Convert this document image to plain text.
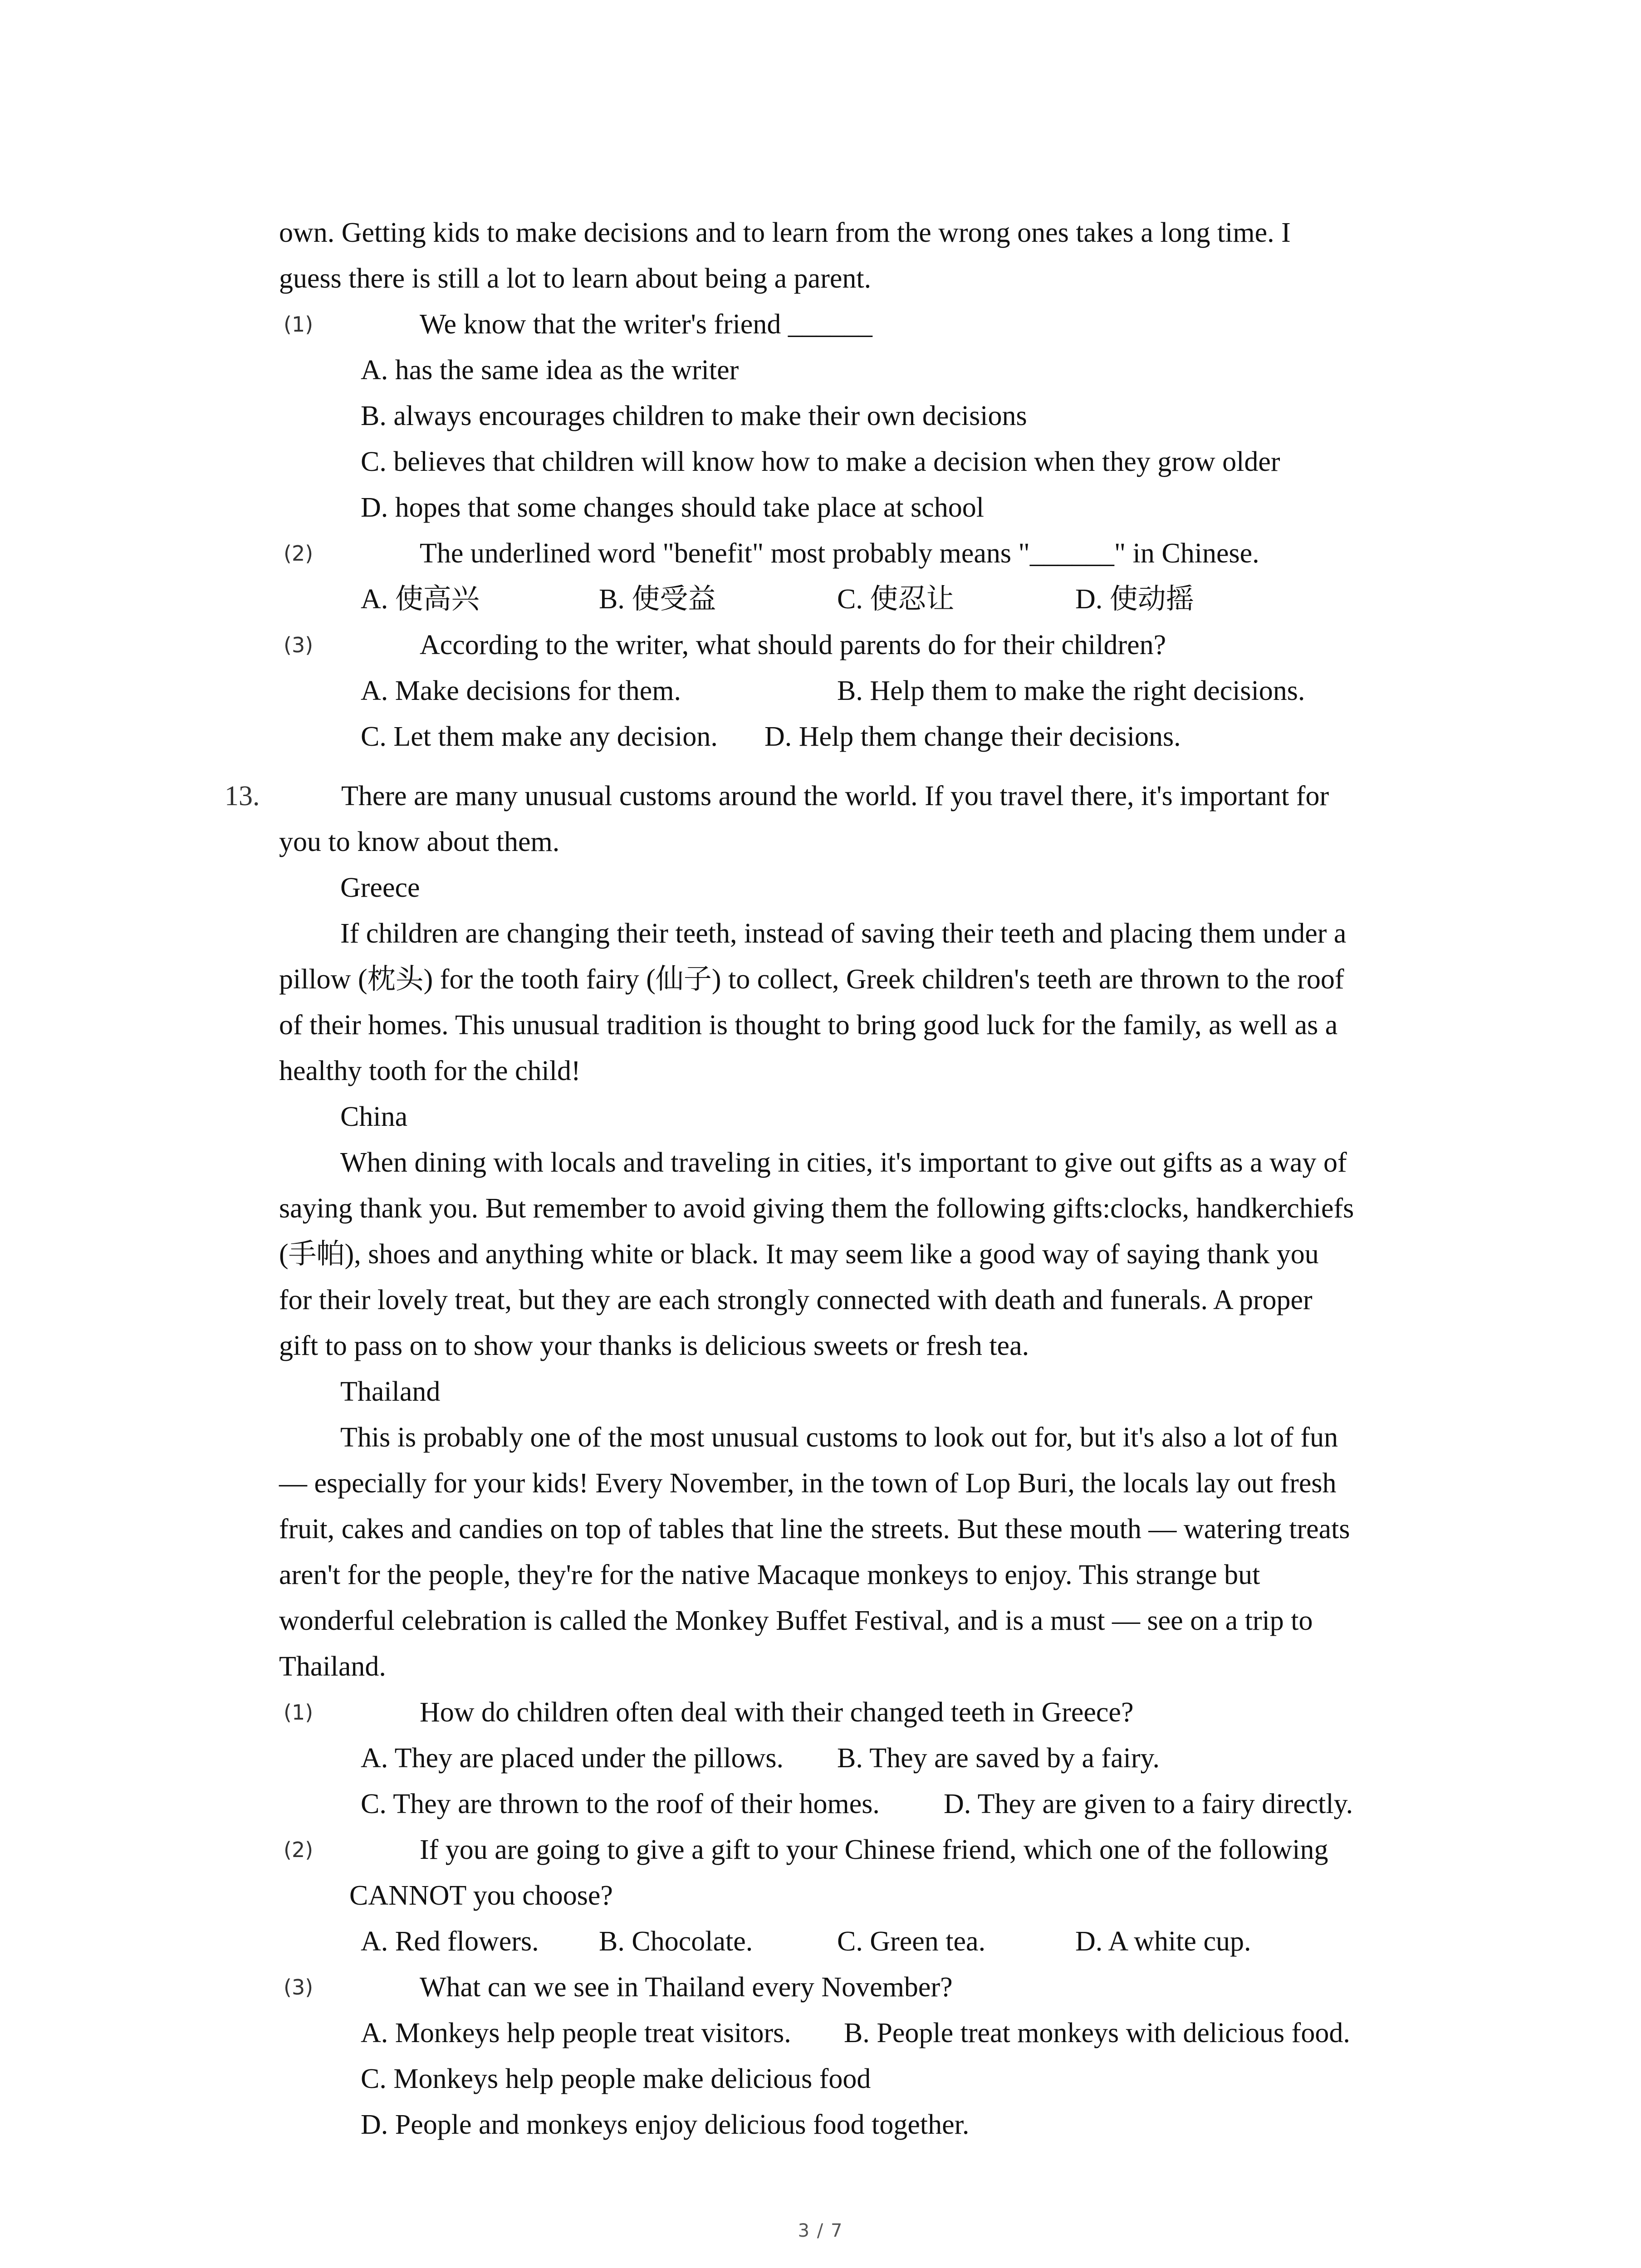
own. Getting kids to make decisions and to learn from the wrong ones takes a long time. I
guess there is still a lot to learn about being a parent.
(1)	We know that the writer's friend ______
A. has the same idea as the writer
B. always encourages children to make their own decisions
C. believes that children will know how to make a decision when they grow older
D. hopes that some changes should take place at school
(2)	The underlined word "benefit" most probably means "______" in Chinese.
A. 使高兴	B. 使受益	C. 使忍让	D. 使动摇
(3)	According to the writer, what should parents do for their children?
A. Make decisions for them.	B. Help them to make the right decisions.
C. Let them make any decision. D. Help them change their decisions.
13.	There are many unusual customs around the world. If you travel there, it's important for
you to know about them.
Greece
If children are changing their teeth, instead of saving their teeth and placing them under a
pillow (枕头) for the tooth fairy (仙子) to collect, Greek children's teeth are thrown to the roof
of their homes. This unusual tradition is thought to bring good luck for the family, as well as a
healthy tooth for the child!
China
When dining with locals and traveling in cities, it's important to give out gifts as a way of
saying thank you. But remember to avoid giving them the following gifts:clocks, handkerchiefs
(手帕), shoes and anything white or black. It may seem like a good way of saying thank you
for their lovely treat, but they are each strongly connected with death and funerals. A proper
gift to pass on to show your thanks is delicious sweets or fresh tea.
Thailand
This is probably one of the most unusual customs to look out for, but it's also a lot of fun
— especially for your kids! Every November, in the town of Lop Buri, the locals lay out fresh
fruit, cakes and candies on top of tables that line the streets. But these mouth — watering treats
aren't for the people, they're for the native Macaque monkeys to enjoy. This strange but
wonderful celebration is called the Monkey Buffet Festival, and is a must — see on a trip to
Thailand.
(1)	How do children often deal with their changed teeth in Greece?
A. They are placed under the pillows. B. They are saved by a fairy.
C. They are thrown to the roof of their homes. D. They are given to a fairy directly.
(2)	If you are going to give a gift to your Chinese friend, which one of the following
CANNOT you choose?
A. Red flowers. B. Chocolate.	C. Green tea.	D. A white cup.
(3)	What can we see in Thailand every November?
A. Monkeys help people treat visitors. B. People treat monkeys with delicious food.
C. Monkeys help people make delicious food
D. People and monkeys enjoy delicious food together.
3 / 7
